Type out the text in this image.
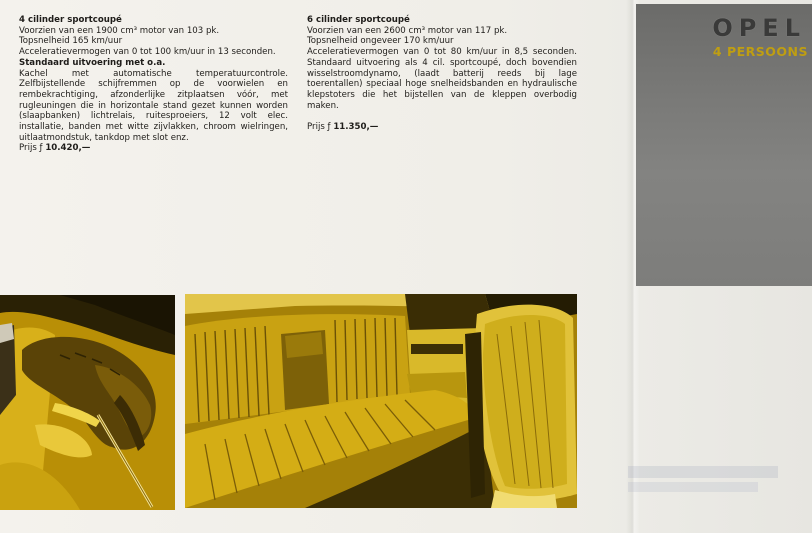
4 cilinder sportcoupé

Voorzien van een 1900 cm³ motor van 103 pk.

Topsnelheid 165 km/uur

Acceleratievermogen van 0 tot 100 km/uur in 13 seconden.

Standaard uitvoering met o.a.

Kachel met automatische temperatuurcontrole. Zelfbijstellende schijfremmen op de voorwielen en rembekrachtiging, afzonderlijke zitplaatsen vóór, met rugleuningen die in horizontale stand gezet kunnen worden (slaapbanken) lichtrelais, ruitesproeiers, 12 volt elec. installatie, banden met witte zijvlakken, chroom wielringen, uitlaatmondstuk, tankdop met slot enz.

Prijs ƒ 10.420,—

6 cilinder sportcoupé

Voorzien van een 2600 cm³ motor van 117 pk.

Topsnelheid ongeveer 170 km/uur

Acceleratievermogen van 0 tot 80 km/uur in 8,5 seconden. Standaard uitvoering als 4 cil. sportcoupé, doch bovendien wisselstroomdynamo, (laadt batterij reeds bij lage toerentallen) speciaal hoge snelheidsbanden en hydraulische klepstoters die het bijstellen van de kleppen overbodig maken.

Prijs ƒ 11.350,—

OPEL
4 PERSOONS
